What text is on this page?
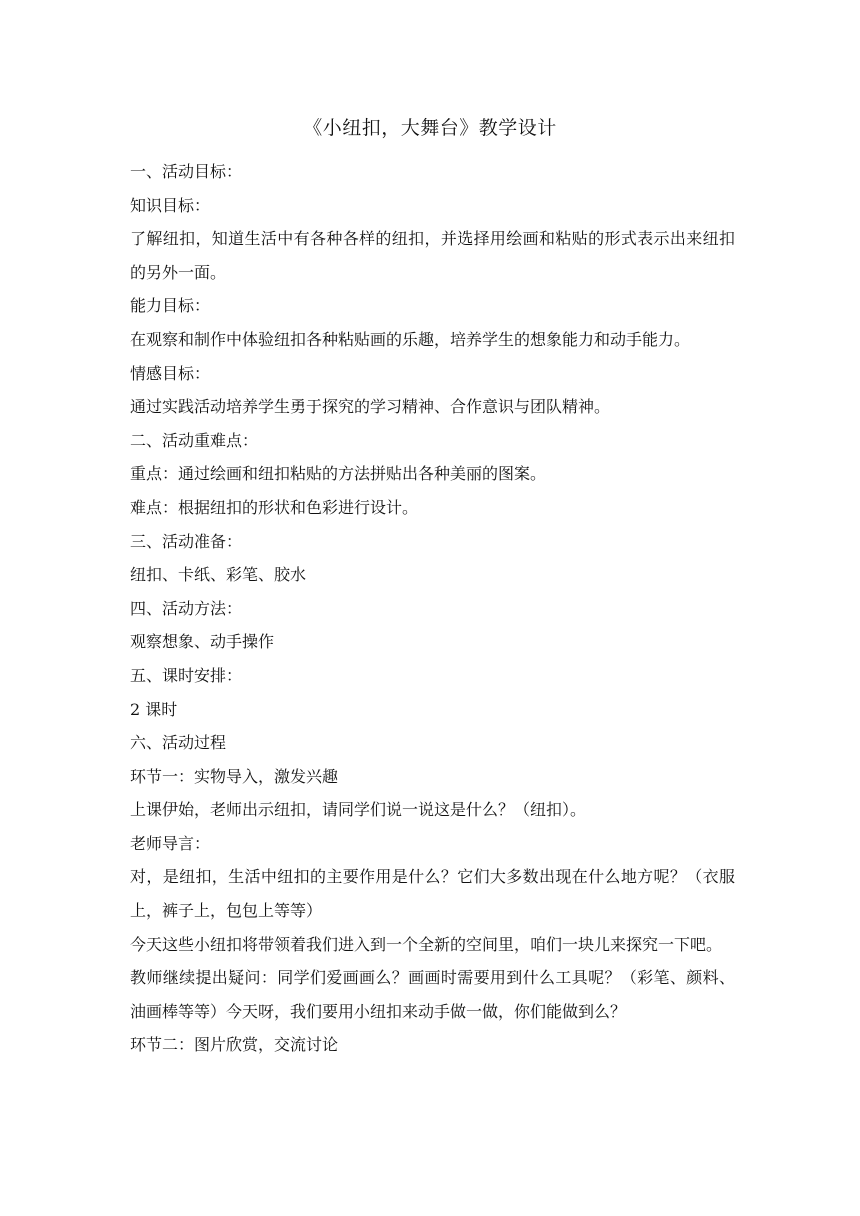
《小纽扣，大舞台》教学设计

一、活动目标：

知识目标：

了解纽扣，知道生活中有各种各样的纽扣，并选择用绘画和粘贴的形式表示出来纽扣的另外一面。

能力目标：

在观察和制作中体验纽扣各种粘贴画的乐趣，培养学生的想象能力和动手能力。

情感目标：

通过实践活动培养学生勇于探究的学习精神、合作意识与团队精神。

二、活动重难点：

重点：通过绘画和纽扣粘贴的方法拼贴出各种美丽的图案。

难点：根据纽扣的形状和色彩进行设计。

三、活动准备：

纽扣、卡纸、彩笔、胶水

四、活动方法：

观察想象、动手操作

五、课时安排：

2 课时

六、活动过程

环节一：实物导入，激发兴趣

上课伊始，老师出示纽扣，请同学们说一说这是什么？（纽扣）。

老师导言：

对，是纽扣，生活中纽扣的主要作用是什么？它们大多数出现在什么地方呢？（衣服上，裤子上，包包上等等）

今天这些小纽扣将带领着我们进入到一个全新的空间里，咱们一块儿来探究一下吧。

教师继续提出疑问：同学们爱画画么？画画时需要用到什么工具呢？（彩笔、颜料、油画棒等等）今天呀，我们要用小纽扣来动手做一做，你们能做到么？

环节二：图片欣赏，交流讨论
